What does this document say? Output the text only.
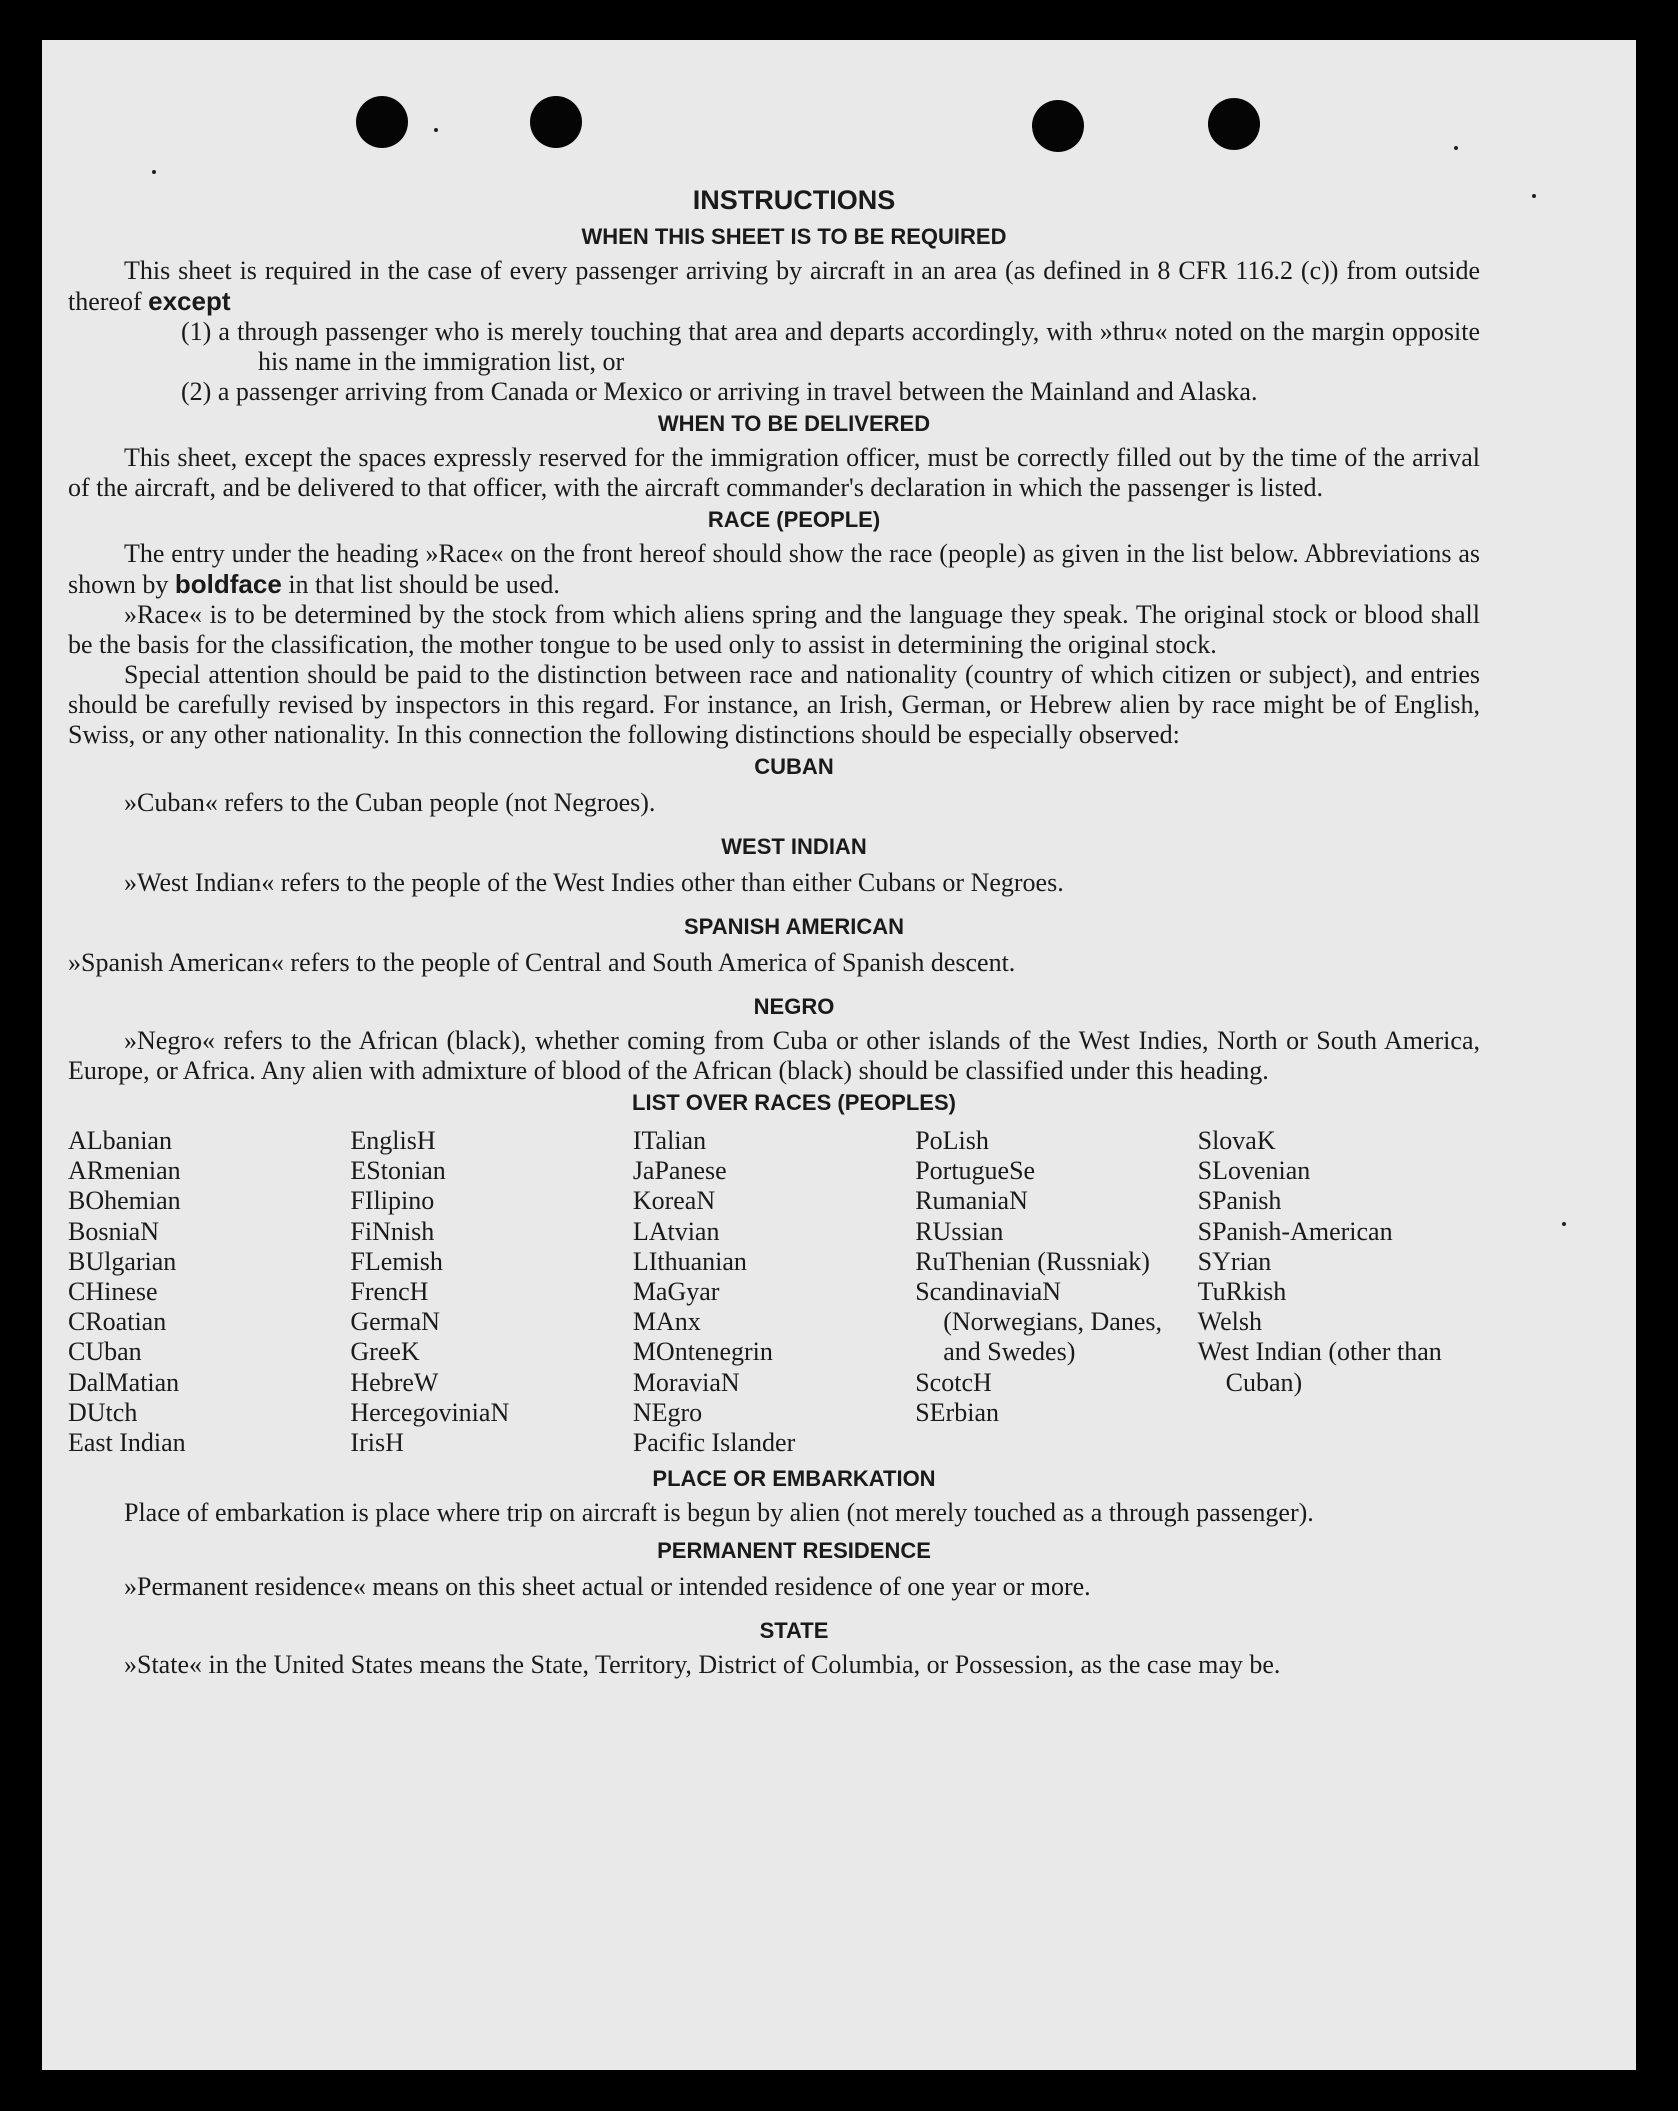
INSTRUCTIONS
WHEN THIS SHEET IS TO BE REQUIRED

This sheet is required in the case of every passenger arriving by aircraft in an area (as defined in 8 CFR 116.2 (c)) from outside thereof except

(1) a through passenger who is merely touching that area and departs accordingly, with »thru« noted on the margin opposite his name in the immigration list, or

(2) a passenger arriving from Canada or Mexico or arriving in travel between the Mainland and Alaska.

WHEN TO BE DELIVERED

This sheet, except the spaces expressly reserved for the immigration officer, must be correctly filled out by the time of the arrival of the aircraft, and be delivered to that officer, with the aircraft commander's declaration in which the passenger is listed.

RACE (PEOPLE)

The entry under the heading »Race« on the front hereof should show the race (people) as given in the list below. Abbreviations as shown by boldface in that list should be used.

»Race« is to be determined by the stock from which aliens spring and the language they speak. The original stock or blood shall be the basis for the classification, the mother tongue to be used only to assist in determining the original stock.

Special attention should be paid to the distinction between race and nationality (country of which citizen or subject), and entries should be carefully revised by inspectors in this regard. For instance, an Irish, German, or Hebrew alien by race might be of English, Swiss, or any other nationality. In this connection the following distinctions should be especially observed:

CUBAN

»Cuban« refers to the Cuban people (not Negroes).

WEST INDIAN

»West Indian« refers to the people of the West Indies other than either Cubans or Negroes.

SPANISH AMERICAN

»Spanish American« refers to the people of Central and South America of Spanish descent.

NEGRO

»Negro« refers to the African (black), whether coming from Cuba or other islands of the West Indies, North or South America, Europe, or Africa. Any alien with admixture of blood of the African (black) should be classified under this heading.

LIST OVER RACES (PEOPLES)
ALbanian
ARmenian
BOhemian
BosniaN
BUlgarian
CHinese
CRoatian
CUban
DalMatian
DUtch
East Indian
EnglisH
EStonian
FIlipino
FiNnish
FLemish
FrencH
GermaN
GreeK
HebreW
HercegoviniaN
IrisH
ITalian
JaPanese
KoreaN
LAtvian
LIthuanian
MaGyar
MAnx
MOntenegrin
MoraviaN
NEgro
Pacific Islander
PoLish
PortugueSe
RumaniaN
RUssian
RuThenian (Russniak)
ScandinaviaN (Norwegians, Danes, and Swedes)
ScotcH
SErbian
SlovaK
SLovenian
SPanish
SPanish-American
SYrian
TuRkish
Welsh
West Indian (other than Cuban)
PLACE OR EMBARKATION

Place of embarkation is place where trip on aircraft is begun by alien (not merely touched as a through passenger).

PERMANENT RESIDENCE

»Permanent residence« means on this sheet actual or intended residence of one year or more.

STATE

»State« in the United States means the State, Territory, District of Columbia, or Possession, as the case may be.
